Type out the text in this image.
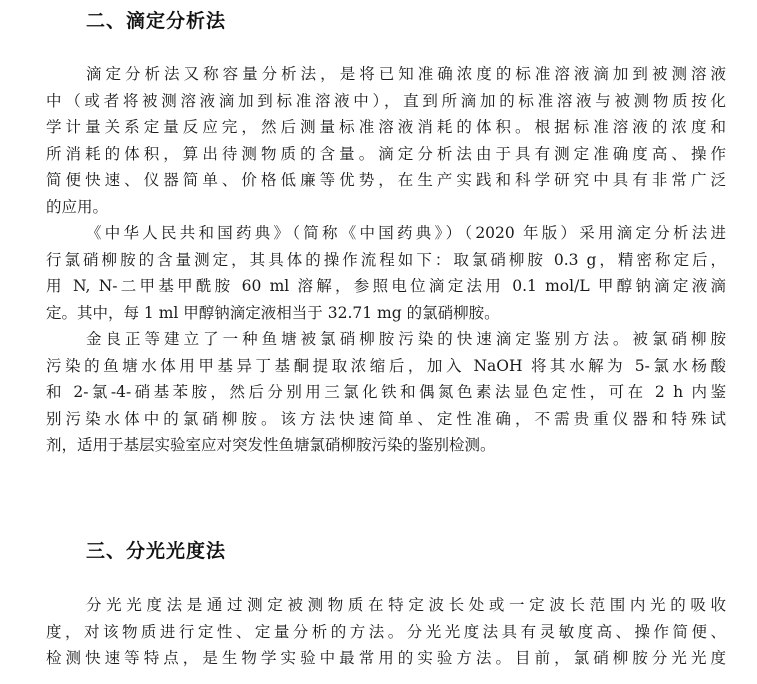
二、滴定分析法
滴定分析法又称容量分析法，是将已知准确浓度的标准溶液滴加到被测溶液
中（或者将被测溶液滴加到标准溶液中），直到所滴加的标准溶液与被测物质按化
学计量关系定量反应完，然后测量标准溶液消耗的体积。根据标准溶液的浓度和
所消耗的体积，算出待测物质的含量。滴定分析法由于具有测定准确度高、操作
简便快速、仪器简单、价格低廉等优势，在生产实践和科学研究中具有非常广泛
的应用。
《中华人民共和国药典》（简称《中国药典》）（2020 年版）采用滴定分析法进
行氯硝柳胺的含量测定，其具体的操作流程如下：取氯硝柳胺 0.3 g，精密称定后，
用 N, N-二甲基甲酰胺 60 ml 溶解，参照电位滴定法用 0.1 mol/L 甲醇钠滴定液滴
定。其中，每 1 ml 甲醇钠滴定液相当于 32.71 mg 的氯硝柳胺。
金良正等建立了一种鱼塘被氯硝柳胺污染的快速滴定鉴别方法。被氯硝柳胺
污染的鱼塘水体用甲基异丁基酮提取浓缩后，加入 NaOH 将其水解为 5-氯水杨酸
和 2-氯-4-硝基苯胺，然后分别用三氯化铁和偶氮色素法显色定性，可在 2 h 内鉴
别污染水体中的氯硝柳胺。该方法快速简单、定性准确，不需贵重仪器和特殊试
剂，适用于基层实验室应对突发性鱼塘氯硝柳胺污染的鉴别检测。
三、分光光度法
分光光度法是通过测定被测物质在特定波长处或一定波长范围内光的吸收
度，对该物质进行定性、定量分析的方法。分光光度法具有灵敏度高、操作简便、
检测快速等特点，是生物学实验中最常用的实验方法。目前，氯硝柳胺分光光度
